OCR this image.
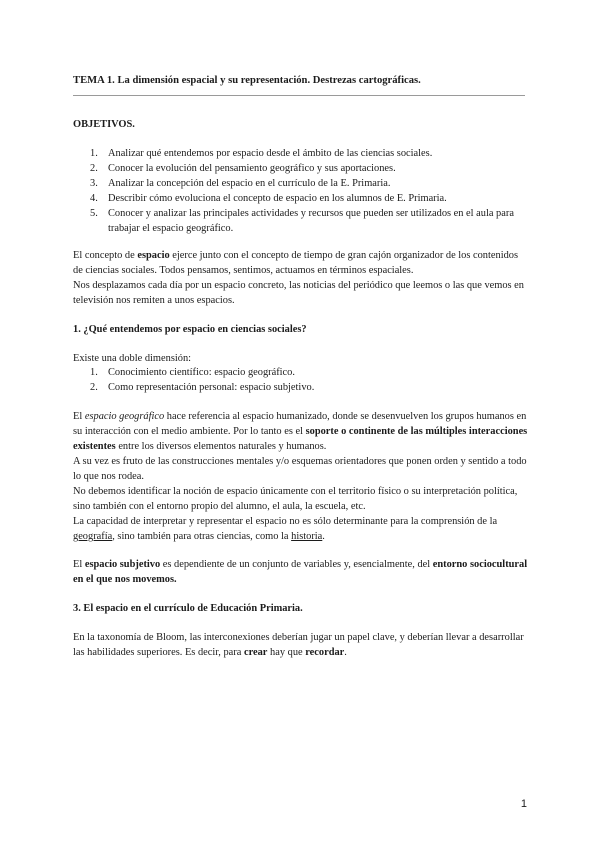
TEMA 1. La dimensión espacial y su representación. Destrezas cartográficas.
OBJETIVOS.
1. Analizar qué entendemos por espacio desde el ámbito de las ciencias sociales.
2. Conocer la evolución del pensamiento geográfico y sus aportaciones.
3. Analizar la concepción del espacio en el currículo de la E. Primaria.
4. Describir cómo evoluciona el concepto de espacio en los alumnos de E. Primaria.
5. Conocer y analizar las principales actividades y recursos que pueden ser utilizados en el aula para trabajar el espacio geográfico.

El concepto de espacio ejerce junto con el concepto de tiempo de gran cajón organizador de los contenidos de ciencias sociales. Todos pensamos, sentimos, actuamos en términos espaciales.

Nos desplazamos cada día por un espacio concreto, las noticias del periódico que leemos o las que vemos en televisión nos remiten a unos espacios.

1. ¿Qué entendemos por espacio en ciencias sociales?
Existe una doble dimensión:
1. Conocimiento científico: espacio geográfico.
2. Como representación personal: espacio subjetivo.

El espacio geográfico hace referencia al espacio humanizado, donde se desenvuelven los grupos humanos en su interacción con el medio ambiente. Por lo tanto es el soporte o continente de las múltiples interacciones existentes entre los diversos elementos naturales y humanos.

A su vez es fruto de las construcciones mentales y/o esquemas orientadores que ponen orden y sentido a todo lo que nos rodea.

No debemos identificar la noción de espacio únicamente con el territorio físico o su interpretación política, sino también con el entorno propio del alumno, el aula, la escuela, etc.

La capacidad de interpretar y representar el espacio no es sólo determinante para la comprensión de la geografía, sino también para otras ciencias, como la historia.

El espacio subjetivo es dependiente de un conjunto de variables y, esencialmente, del entorno sociocultural en el que nos movemos.

3. El espacio en el currículo de Educación Primaria.

En la taxonomía de Bloom, las interconexiones deberían jugar un papel clave, y deberían llevar a desarrollar las habilidades superiores. Es decir, para crear hay que recordar.

1
